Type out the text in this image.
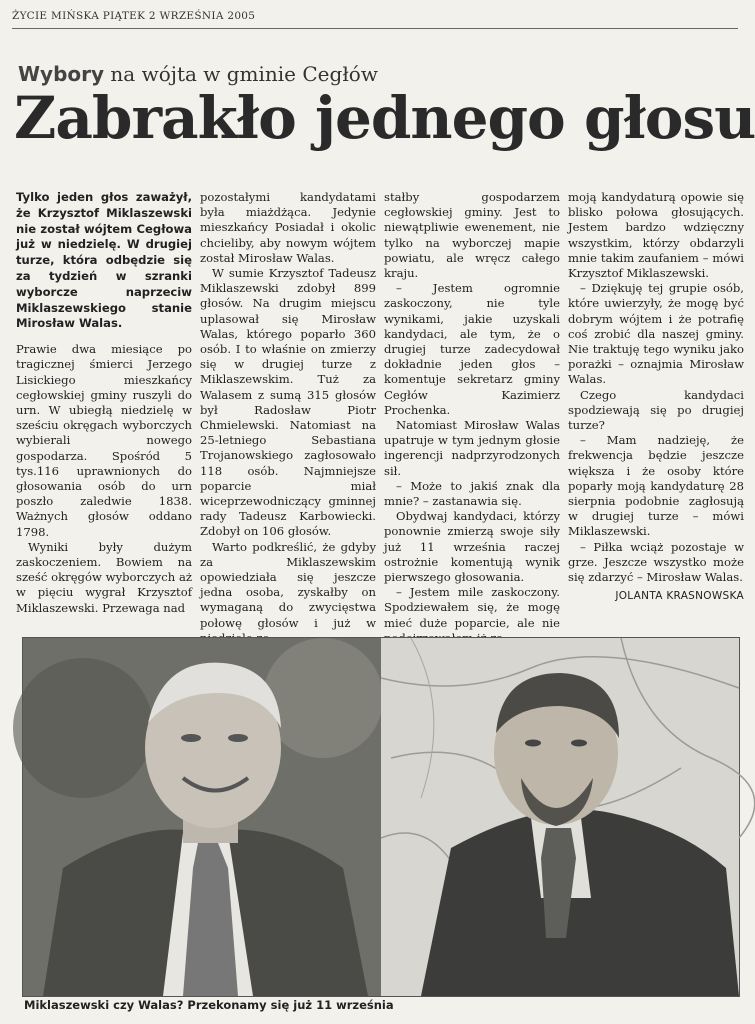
ŻYCIE MIŃSKA PIĄTEK 2 WRZEŚNIA 2005
Wybory na wójta w gminie Cegłów
Zabrakło jednego głosu

Tylko jeden głos zaważył, że Krzysztof Miklaszewski nie został wójtem Cegłowa już w niedzielę. W drugiej turze, która odbędzie się za tydzień w szranki wyborcze naprzeciw Miklaszewskiego stanie Mirosław Walas.

Prawie dwa miesiące po tragicznej śmierci Jerzego Lisickiego mieszkańcy cegłowskiej gminy ruszyli do urn. W ubiegłą niedzielę w sześciu okręgach wyborczych wybierali nowego gospodarza. Spośród 5 tys.116 uprawnionych do głosowania osób do urn poszło zaledwie 1838. Ważnych głosów oddano 1798.

Wyniki były dużym zaskoczeniem. Bowiem na sześć okręgów wyborczych aż w pięciu wygrał Krzysztof Miklaszewski. Przewaga nad

pozostałymi kandydatami była miażdżąca. Jedynie mieszkańcy Posiadał i okolic chcieliby, aby nowym wójtem został Mirosław Walas.

W sumie Krzysztof Tadeusz Miklaszewski zdobył 899 głosów. Na drugim miejscu uplasował się Mirosław Walas, którego poparło 360 osób. I to właśnie on zmierzy się w drugiej turze z Miklaszewskim. Tuż za Walasem z sumą 315 głosów był Radosław Piotr Chmielewski. Natomiast na 25-letniego Sebastiana Trojanowskiego zagłosowało 118 osób. Najmniejsze poparcie miał wiceprzewodniczący gminnej rady Tadeusz Karbowiecki. Zdobył on 106 głosów.

Warto podkreślić, że gdyby za Miklaszewskim opowiedziała się jeszcze jedna osoba, zyskałby on wymaganą do zwycięstwa połowę głosów i już w

stałby gospodarzem cegłowskiej gminy. Jest to niewątpliwie ewenement, nie tylko na wyborczej mapie powiatu, ale wręcz całego kraju.

– Jestem ogromnie zaskoczony, nie tyle wynikami, jakie uzyskali kandydaci, ale tym, że o drugiej turze zadecydował dokładnie jeden głos – komentuje sekretarz gminy Cegłów Kazimierz Prochenka.

Natomiast Mirosław Walas upatruje w tym jednym głosie ingerencji nadprzyrodzonych sił.

– Może to jakiś znak dla mnie? – zastanawia się.

Obydwaj kandydaci, którzy ponownie zmierzą swoje siły już 11 września raczej ostrożnie komentują wynik pierwszego głosowania.

– Jestem mile zaskoczony. Spodziewałem się, że mogę mieć duże poparcie, ale nie

moją kandydaturą opowie się blisko połowa głosujących. Jestem bardzo wdzięczny wszystkim, którzy obdarzyli mnie takim zaufaniem – mówi Krzysztof Miklaszewski.

– Dziękuję tej grupie osób, które uwierzyły, że mogę być dobrym wójtem i że potrafię coś zrobić dla naszej gminy. Nie traktuję tego wyniku jako porażki – oznajmia Mirosław Walas.

Czego kandydaci spodziewają się po drugiej turze?

– Mam nadzieję, że frekwencja będzie jeszcze większa i że osoby które poparły moją kandydaturę 28 sierpnia podobnie zagłosują w drugiej turze – mówi Miklaszewski.

– Piłka wciąż pozostaje w grze. Jeszcze wszystko może się zdarzyć – Mirosław Walas.

JOLANTA KRASNOWSKA
Miklaszewski czy Walas? Przekonamy się już 11 września
